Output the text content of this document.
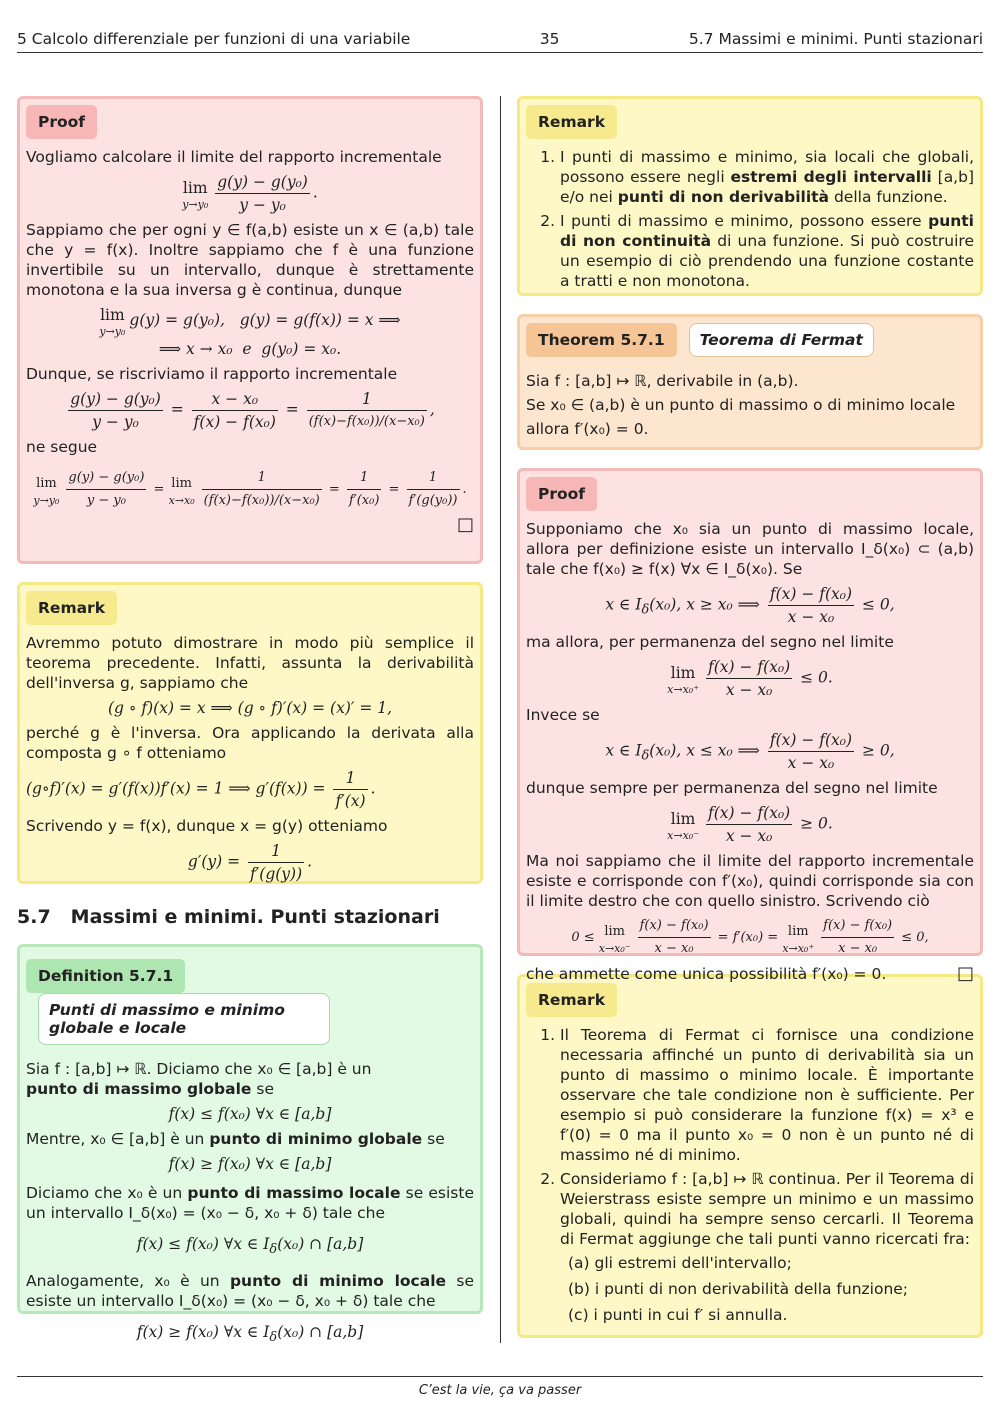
5 Calcolo differenziale per funzioni di una variabile	35	5.7 Massimi e minimi. Punti stazionari
Proof

Vogliamo calcolare il limite del rapporto incrementale

lim
$y\to y_0 \frac{\text{g(y) − g(y₀)}}{\text{y − y₀}}$ .

Sappiamo che per ogni y ∈ f(a,b) esiste un x ∈ (a,b) tale che y = f(x). Inoltre sappiamo che f è una funzione invertibile su un intervallo, dunque è strettamente monotona e la sua inversa g è continua, dunque

lim
y→y₀
g(y) = g(y₀),   g(y) = g(f(x)) = x ⟹
⟹ x → x₀  e  g(y₀) = x₀.

Dunque, se riscriviamo il rapporto incrementale

$\frac{\text{g(y) − g(y₀)}}{\text{y − y₀}} = \frac{\text{x − x₀}}{\text{f(x) − f(x₀)}} = \frac{1}{\text{(f(x)−f(x₀))/(x−x₀)}}$ ,

ne segue

lim
$y\to y_0 \frac{\text{g(y) − g(y₀)}}{\text{y − y₀}} = \lim$
$x\to x_0 \frac{1}{\text{(f(x)−f(x₀))/(x−x₀)}} = \frac{1}{\text{f′(x₀)}} = \frac{1}{\text{f′(g(y₀))}}$ .
□
Remark

Avremmo potuto dimostrare in modo più semplice il teorema precedente. Infatti, assunta la derivabilità dell'inversa g, sappiamo che

(g ∘ f)(x) = x ⟹ (g ∘ f)′(x) = (x)′ = 1,

perché g è l'inversa. Ora applicando la derivata alla composta g ∘ f otteniamo

(g∘f)′(x) = g′(f(x))f′(x) = 1 ⟹ $g'(f(x)) = \frac{1}{f'(x)}$ .

Scrivendo y = f(x), dunque x = g(y) otteniamo

$g'(y) = \frac{1}{f'(g(y))}$ .
5.7 Massimi e minimi. Punti stazionari
Definition 5.7.1Punti di massimo e minimo globale e locale

Sia f : [a,b] ↦ ℝ. Diciamo che x₀ ∈ [a,b] è un
punto di massimo globale se

f(x) ≤ f(x₀) ∀x ∈ [a,b]

Mentre, x₀ ∈ [a,b] è un punto di minimo globale se

f(x) ≥ f(x₀) ∀x ∈ [a,b]

Diciamo che x₀ è un punto di massimo locale se esiste un intervallo I_δ(x₀) = (x₀ − δ, x₀ + δ) tale che

f(x) ≤ f(x₀) ∀x ∈ $I_\delta(x_0)$ ∩ [a,b]

Analogamente, x₀ è un punto di minimo locale se esiste un intervallo I_δ(x₀) = (x₀ − δ, x₀ + δ) tale che

f(x) ≥ f(x₀) ∀x ∈ $I_\delta(x_0)$ ∩ [a,b]
Remark
1. I punti di massimo e minimo, sia locali che globali, possono essere negli estremi degli intervalli [a,b] e/o nei punti di non derivabilità della funzione.
2. I punti di massimo e minimo, possono essere punti di non continuità di una funzione. Si può costruire un esempio di ciò prendendo una funzione costante a tratti e non monotona.
Theorem 5.7.1 Teorema di Fermat

Sia f : [a,b] ↦ ℝ, derivabile in (a,b).

Se x₀ ∈ (a,b) è un punto di massimo o di minimo locale

allora f′(x₀) = 0.

Proof

Supponiamo che x₀ sia un punto di massimo locale, allora per definizione esiste un intervallo I_δ(x₀) ⊂ (a,b) tale che f(x₀) ≥ f(x) ∀x ∈ I_δ(x₀). Se

x ∈ $I_\delta(x_0)$, x ≥ x₀ ⟹ $\frac{\text{f(x) − f(x₀)}}{\text{x − x₀}} \le 0$,

ma allora, per permanenza del segno nel limite

lim
$x\to x_0^+ \frac{\text{f(x) − f(x₀)}}{\text{x − x₀}} \le 0$.

Invece se

x ∈ $I_\delta(x_0)$, x ≤ x₀ ⟹ $\frac{\text{f(x) − f(x₀)}}{\text{x − x₀}} \ge 0$,

dunque sempre per permanenza del segno nel limite

lim
$x\to x_0^- \frac{\text{f(x) − f(x₀)}}{\text{x − x₀}} \ge 0$.

Ma noi sappiamo che il limite del rapporto incrementale esiste e corrisponde con f′(x₀), quindi corrisponde sia con il limite destro che con quello sinistro. Scrivendo ciò

0 ≤ lim
$x\to x_0^- \frac{\text{f(x) − f(x₀)}}{\text{x − x₀}} = f'(x_0) = \lim$
$x\to x_0^+ \frac{\text{f(x) − f(x₀)}}{\text{x − x₀}} \le 0$,

che ammette come unica possibilità f′(x₀) = 0.	□

Remark
1. Il Teorema di Fermat ci fornisce una condizione necessaria affinché un punto di derivabilità sia un punto di massimo o minimo locale. È importante osservare che tale condizione non è sufficiente. Per esempio si può considerare la funzione f(x) = x³ e f′(0) = 0 ma il punto x₀ = 0 non è un punto né di massimo né di minimo.
2. Consideriamo f : [a,b] ↦ ℝ continua. Per il Teorema di Weierstrass esiste sempre un minimo e un massimo globali, quindi ha sempre senso cercarli. Il Teorema di Fermat aggiunge che tali punti vanno ricercati fra:
(a) gli estremi dell'intervallo;
(b) i punti di non derivabilità della funzione;
(c) i punti in cui f′ si annulla.
C’est la vie, ça va passer
